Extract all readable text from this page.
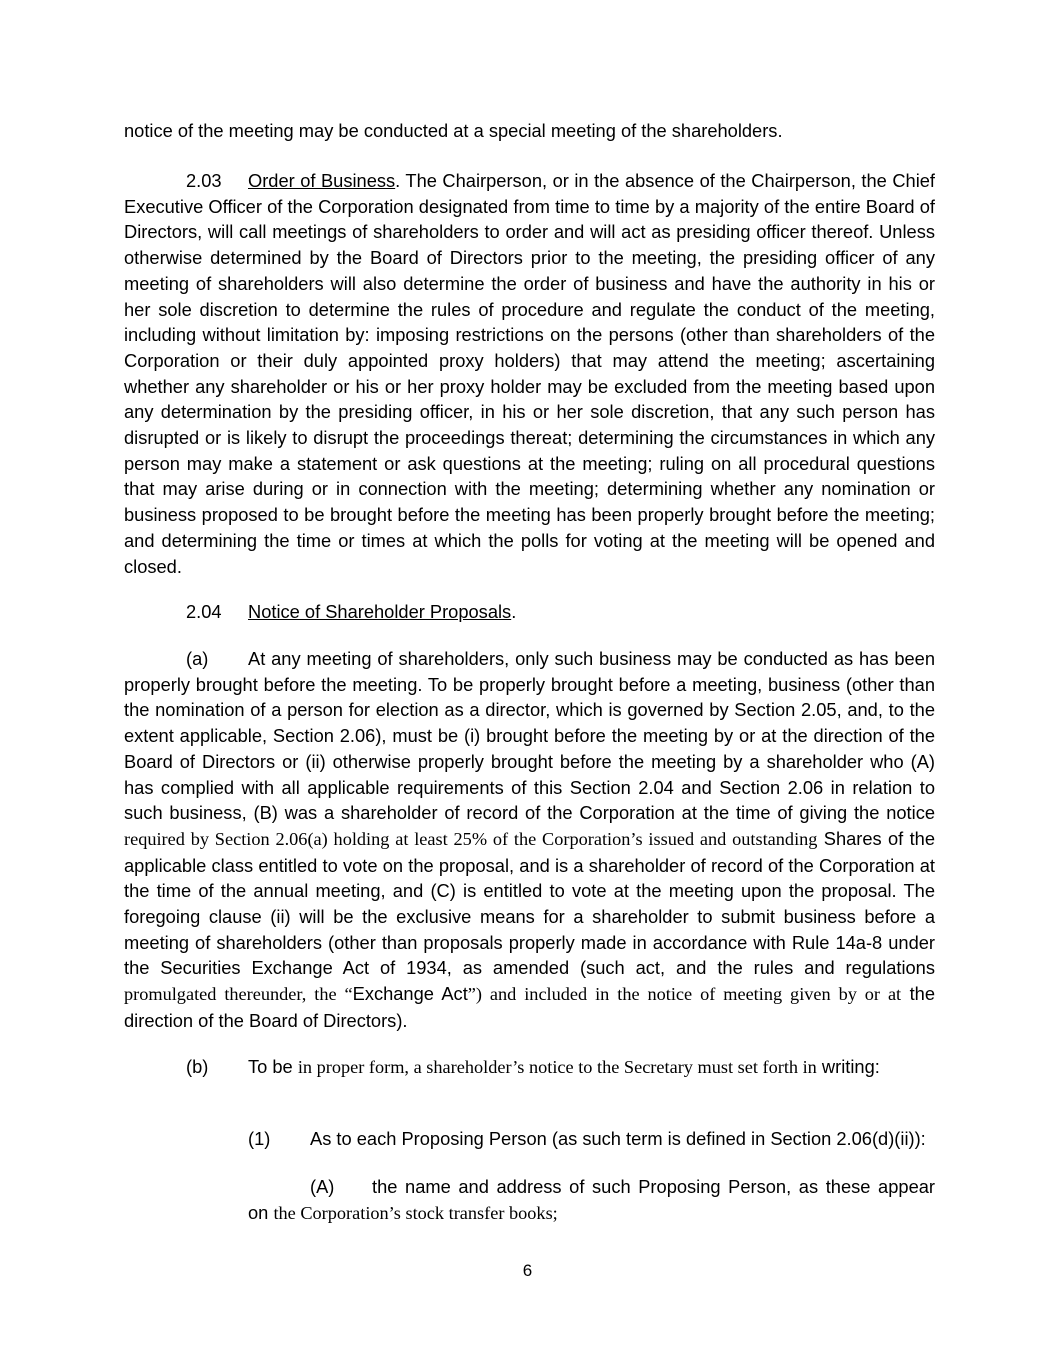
notice of the meeting may be conducted at a special meeting of the shareholders.

2.03 Order of Business. The Chairperson, or in the absence of the Chairperson, the Chief Executive Officer of the Corporation designated from time to time by a majority of the entire Board of Directors, will call meetings of shareholders to order and will act as presiding officer thereof. Unless otherwise determined by the Board of Directors prior to the meeting, the presiding officer of any meeting of shareholders will also determine the order of business and have the authority in his or her sole discretion to determine the rules of procedure and regulate the conduct of the meeting, including without limitation by: imposing restrictions on the persons (other than shareholders of the Corporation or their duly appointed proxy holders) that may attend the meeting; ascertaining whether any shareholder or his or her proxy holder may be excluded from the meeting based upon any determination by the presiding officer, in his or her sole discretion, that any such person has disrupted or is likely to disrupt the proceedings thereat; determining the circumstances in which any person may make a statement or ask questions at the meeting; ruling on all procedural questions that may arise during or in connection with the meeting; determining whether any nomination or business proposed to be brought before the meeting has been properly brought before the meeting; and determining the time or times at which the polls for voting at the meeting will be opened and closed.

2.04 Notice of Shareholder Proposals.

(a) At any meeting of shareholders, only such business may be conducted as has been properly brought before the meeting. To be properly brought before a meeting, business (other than the nomination of a person for election as a director, which is governed by Section 2.05, and, to the extent applicable, Section 2.06), must be (i) brought before the meeting by or at the direction of the Board of Directors or (ii) otherwise properly brought before the meeting by a shareholder who (A) has complied with all applicable requirements of this Section 2.04 and Section 2.06 in relation to such business, (B) was a shareholder of record of the Corporation at the time of giving the notice required by Section 2.06(a) holding at least 25% of the Corporation’s issued and outstanding Shares of the applicable class entitled to vote on the proposal, and is a shareholder of record of the Corporation at the time of the annual meeting, and (C) is entitled to vote at the meeting upon the proposal. The foregoing clause (ii) will be the exclusive means for a shareholder to submit business before a meeting of shareholders (other than proposals properly made in accordance with Rule 14a-8 under the Securities Exchange Act of 1934, as amended (such act, and the rules and regulations promulgated thereunder, the “Exchange Act”) and included in the notice of meeting given by or at the direction of the Board of Directors).

(b) To be in proper form, a shareholder’s notice to the Secretary must set forth in writing:

(1) As to each Proposing Person (as such term is defined in Section 2.06(d)(ii)):

(A) the name and address of such Proposing Person, as these appear on the Corporation’s stock transfer books;

6
